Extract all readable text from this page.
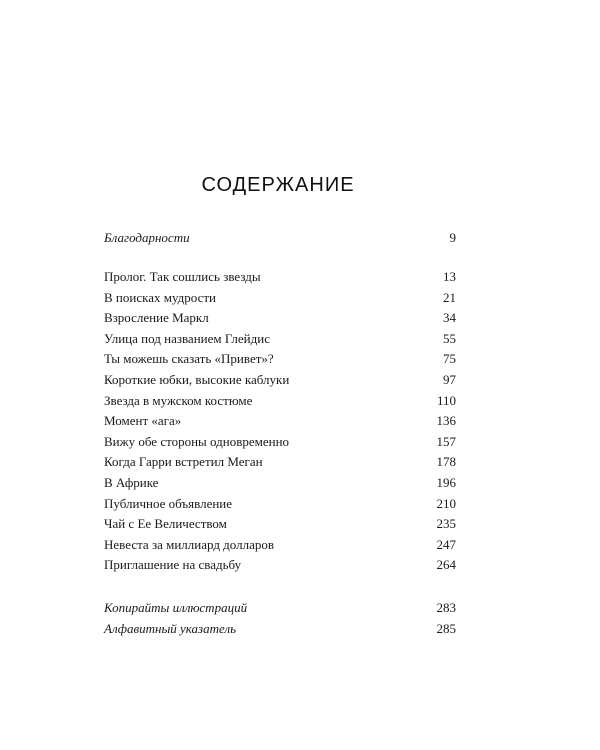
СОДЕРЖАНИЕ
Благодарности	9
Пролог. Так сошлись звезды	13
В поисках мудрости	21
Взросление Маркл	34
Улица под названием Глейдис	55
Ты можешь сказать «Привет»?	75
Короткие юбки, высокие каблуки	97
Звезда в мужском костюме	110
Момент «ага»	136
Вижу обе стороны одновременно	157
Когда Гарри встретил Меган	178
В Африке	196
Публичное объявление	210
Чай с Ее Величеством	235
Невеста за миллиард долларов	247
Приглашение на свадьбу	264
Копирайты иллюстраций	283
Алфавитный указатель	285
